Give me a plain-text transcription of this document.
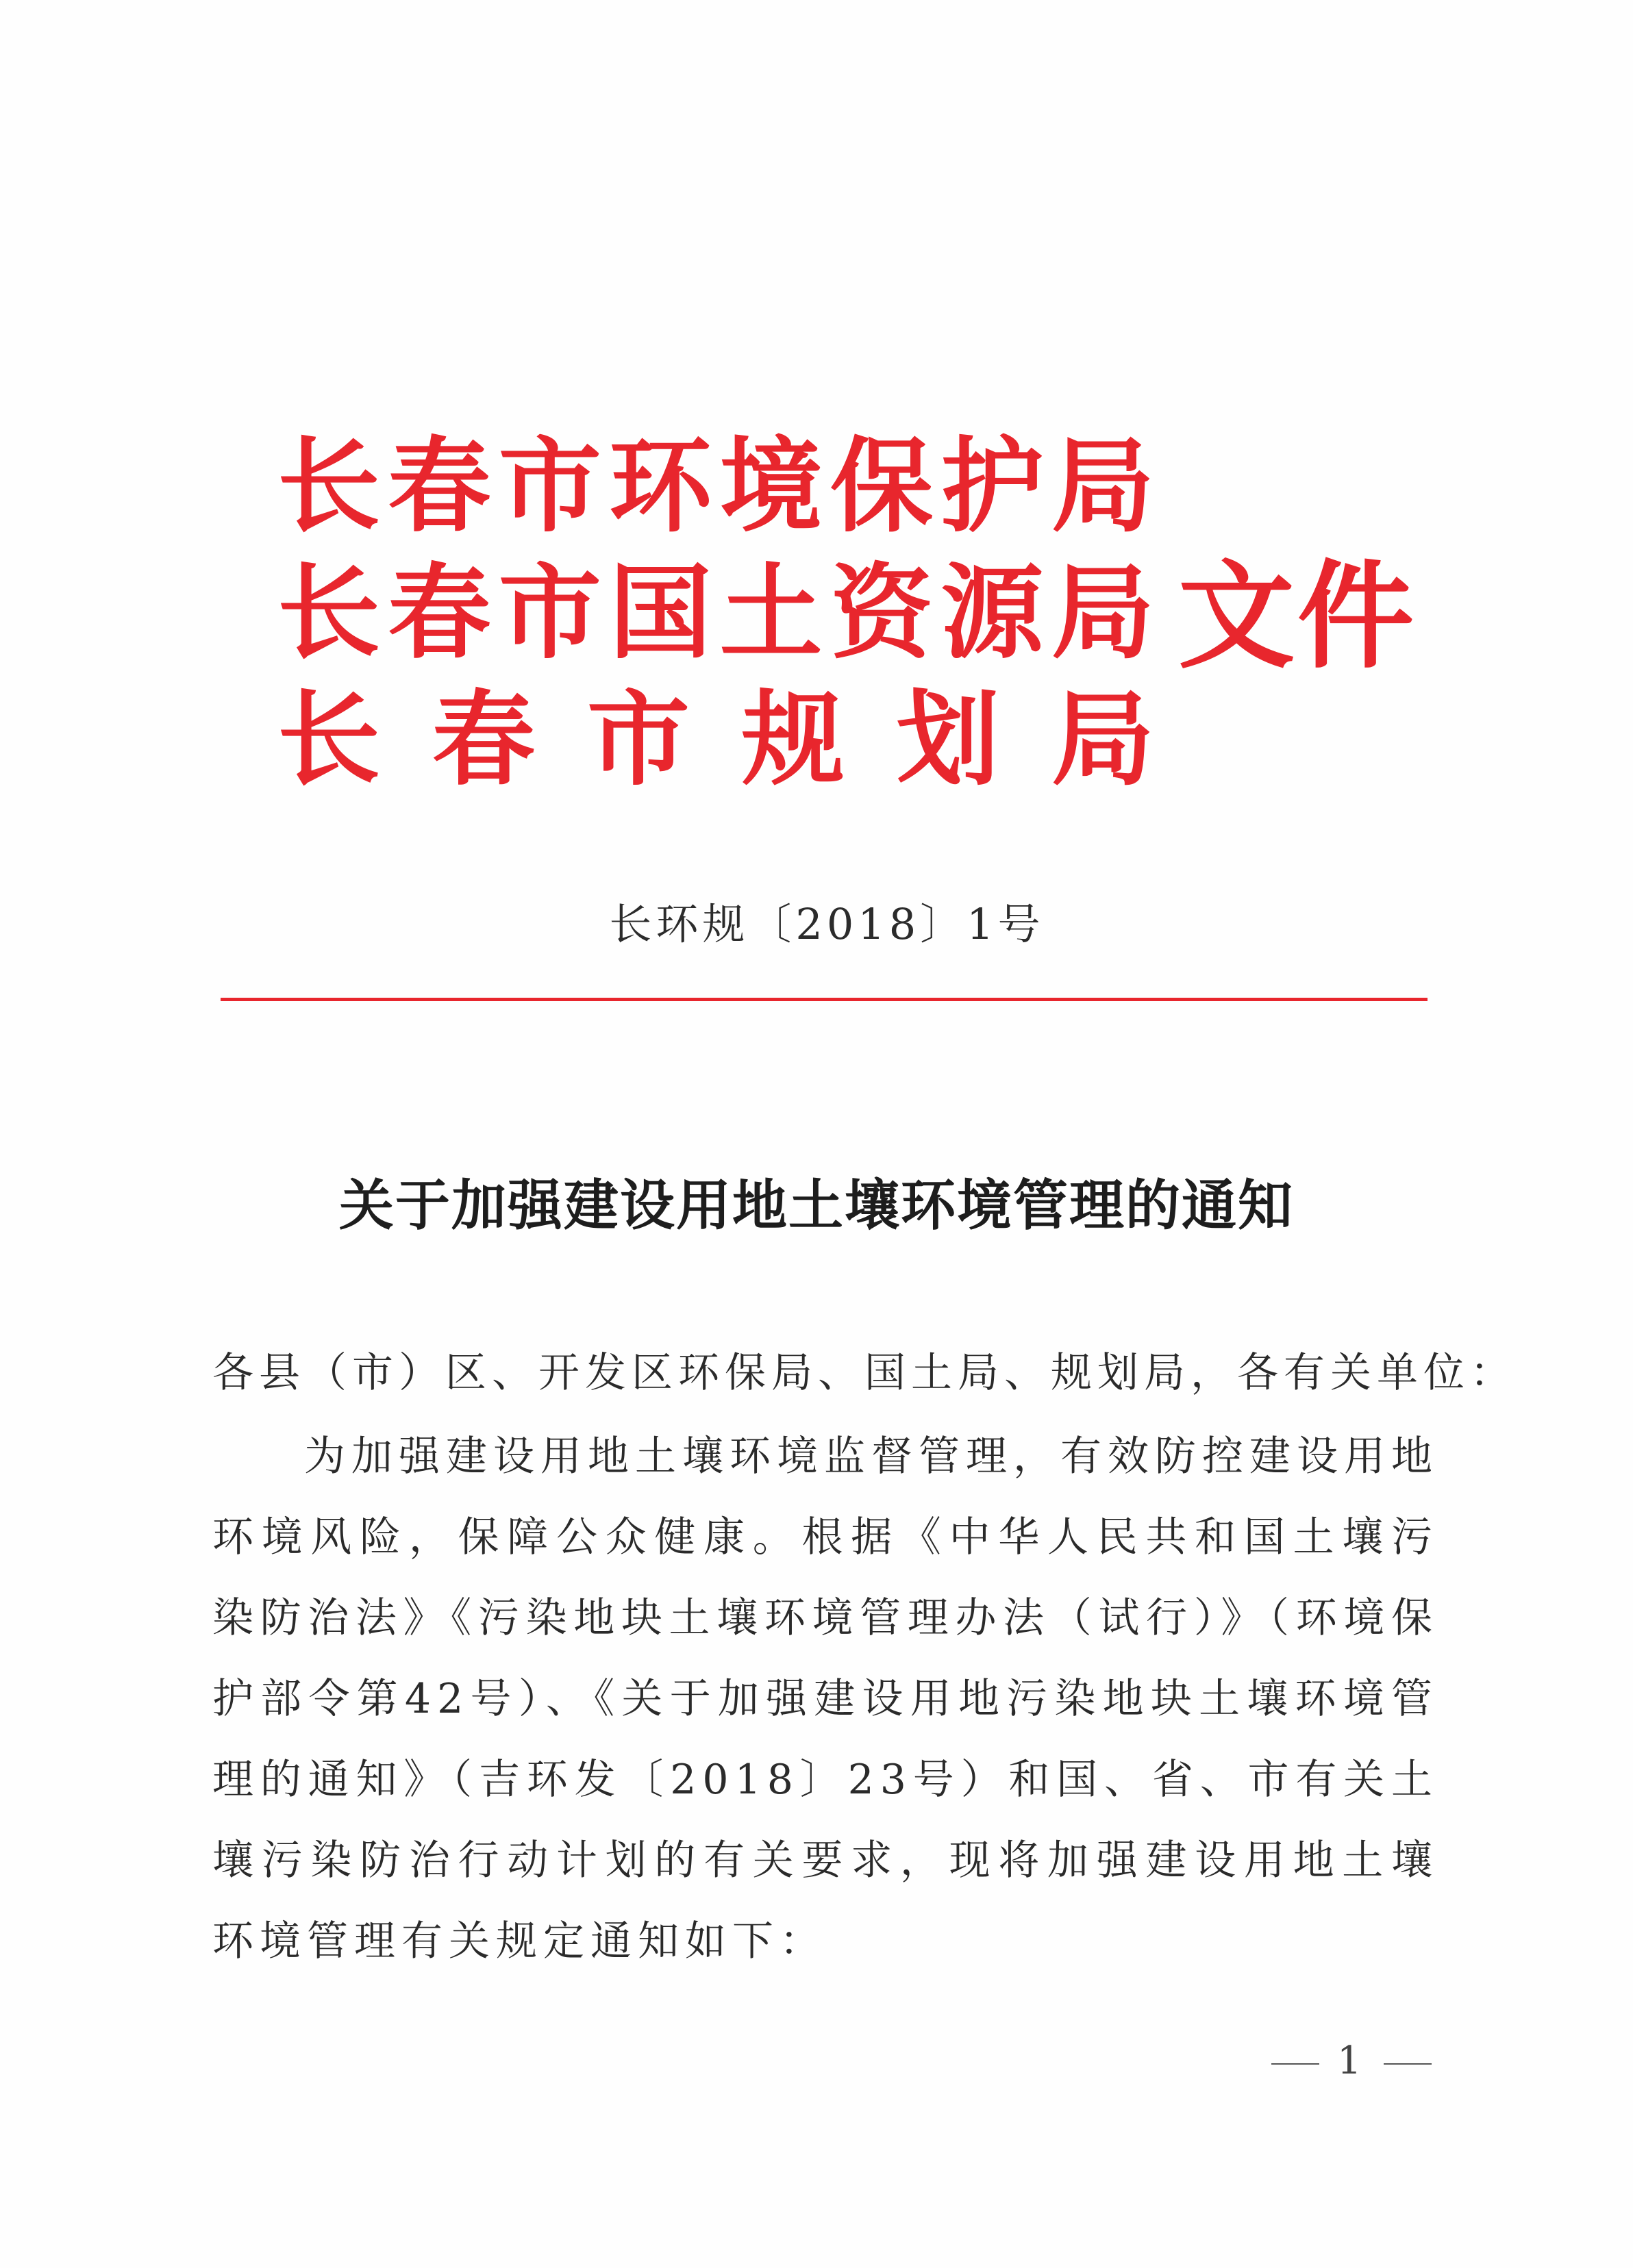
长 春 市 环 境 保 护 局
长 春 市 国 土 资 源 局
长 春 市 规 划 局
文件
长环规〔2018〕1号
关于加强建设用地土壤环境管理的通知
各县（市）区、开发区环保局、国土局、规划局，各有关单位：
为加强建设用地土壤环境监督管理，有效防控建设用地环境风险，保障公众健康。根据《中华人民共和国土壤污染防治法》《污染地块土壤环境管理办法（试行）》（环境保护部令第42号）、《关于加强建设用地污染地块土壤环境管理的通知》（吉环发〔2018〕23号）和国、省、市有关土壤污染防治行动计划的有关要求，现将加强建设用地土壤环境管理有关规定通知如下：
1
